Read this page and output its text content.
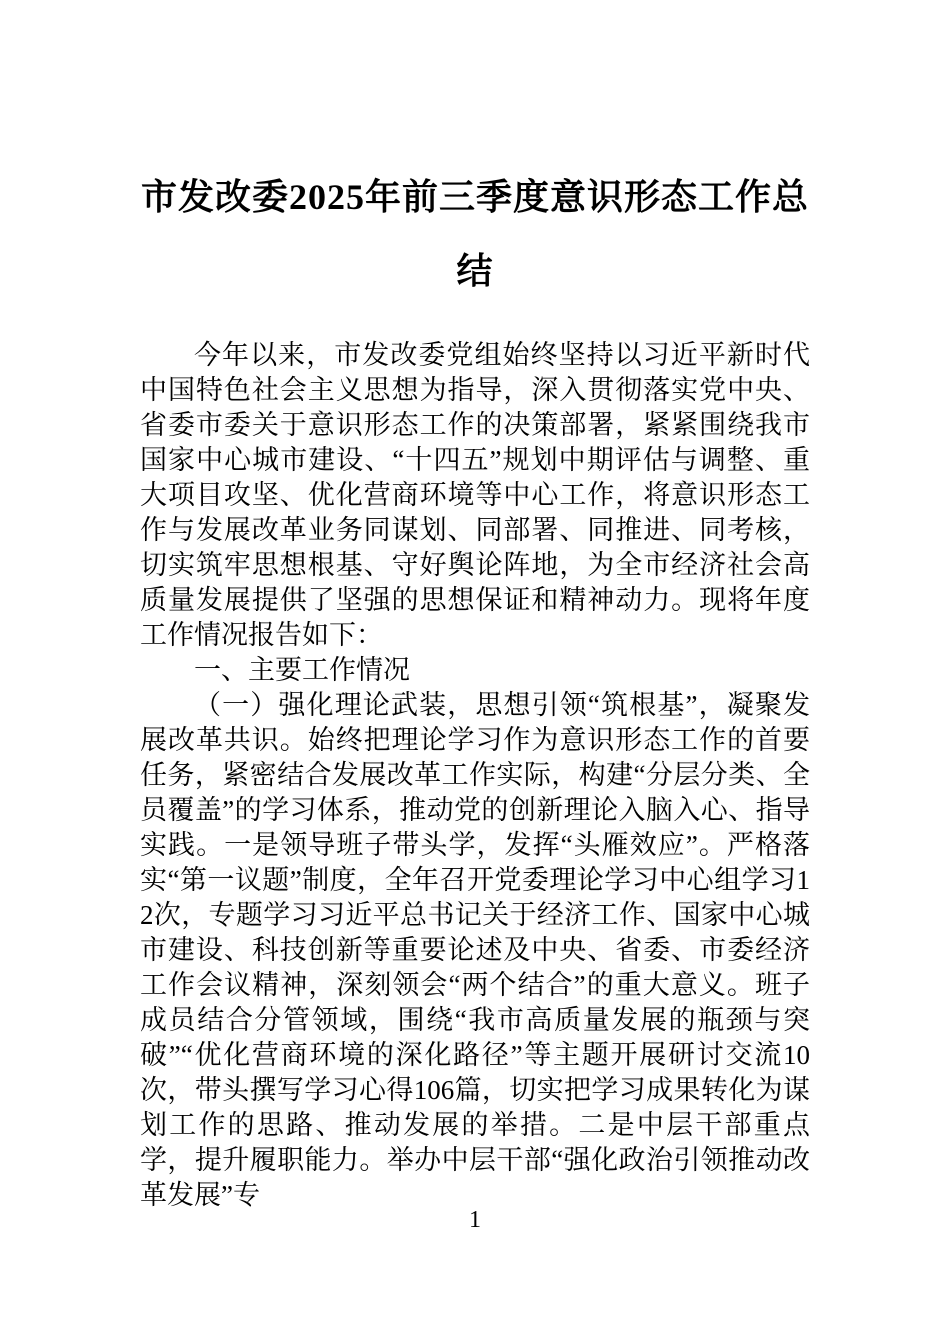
市发改委2025年前三季度意识形态工作总结

今年以来，市发改委党组始终坚持以习近平新时代中国特色社会主义思想为指导，深入贯彻落实党中央、省委市委关于意识形态工作的决策部署，紧紧围绕我市国家中心城市建设、“十四五”规划中期评估与调整、重大项目攻坚、优化营商环境等中心工作，将意识形态工作与发展改革业务同谋划、同部署、同推进、同考核，切实筑牢思想根基、守好舆论阵地，为全市经济社会高质量发展提供了坚强的思想保证和精神动力。现将年度工作情况报告如下：

一、主要工作情况

（一）强化理论武装，思想引领“筑根基”，凝聚发展改革共识。始终把理论学习作为意识形态工作的首要任务，紧密结合发展改革工作实际，构建“分层分类、全员覆盖”的学习体系，推动党的创新理论入脑入心、指导实践。一是领导班子带头学，发挥“头雁效应”。严格落实“第一议题”制度，全年召开党委理论学习中心组学习12次，专题学习习近平总书记关于经济工作、国家中心城市建设、科技创新等重要论述及中央、省委、市委经济工作会议精神，深刻领会“两个结合”的重大意义。班子成员结合分管领域，围绕“我市高质量发展的瓶颈与突破”“优化营商环境的深化路径”等主题开展研讨交流10次，带头撰写学习心得106篇，切实把学习成果转化为谋划工作的思路、推动发展的举措。二是中层干部重点学，提升履职能力。举办中层干部“强化政治引领推动改革发展”专

1
